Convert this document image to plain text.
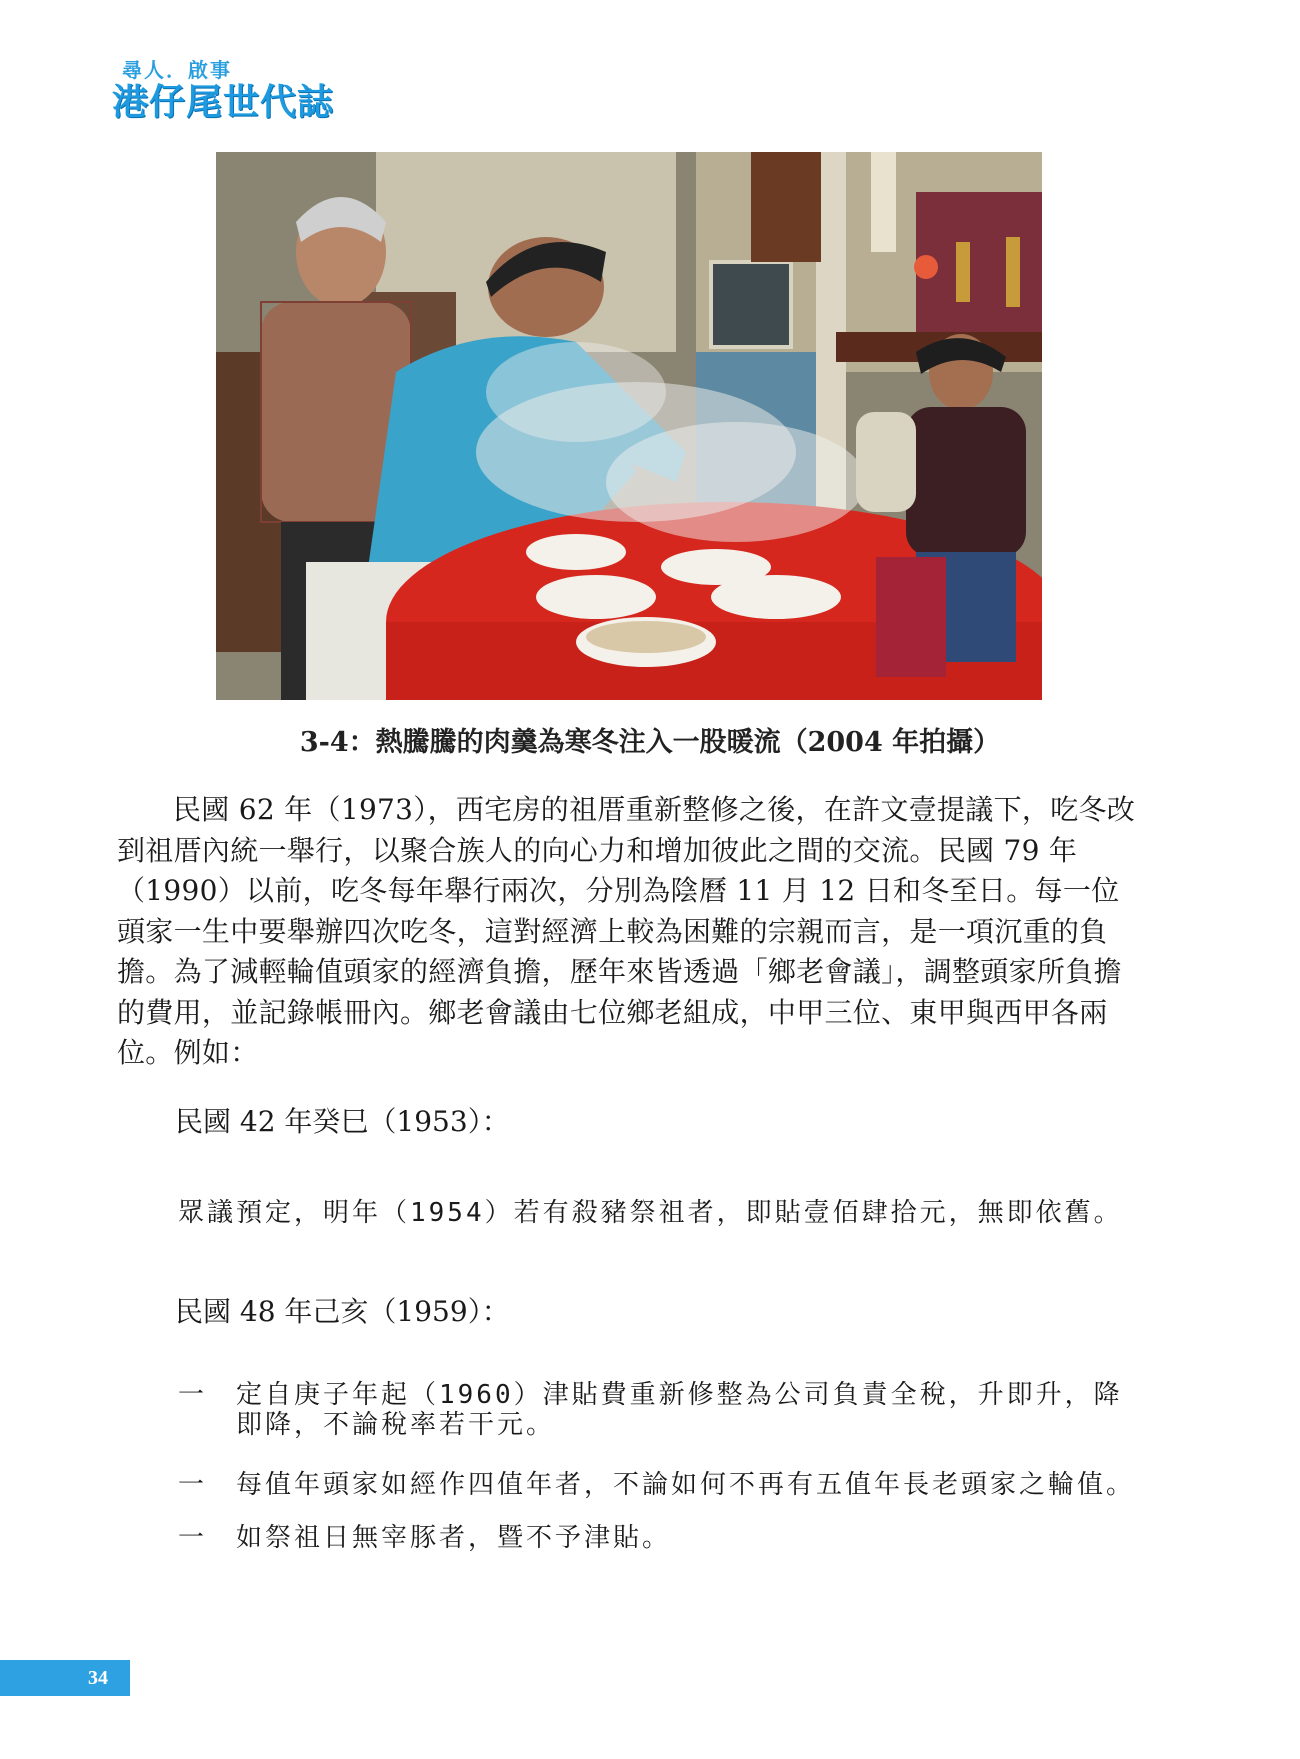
尋人．啟事
港仔尾世代誌
3-4：熱騰騰的肉羹為寒冬注入一股暖流（2004 年拍攝）

民國 62 年（1973），西宅房的祖厝重新整修之後，在許文壹提議下，吃冬改到祖厝內統一舉行，以聚合族人的向心力和增加彼此之間的交流。民國 79 年（1990）以前，吃冬每年舉行兩次，分別為陰曆 11 月 12 日和冬至日。每一位頭家一生中要舉辦四次吃冬，這對經濟上較為困難的宗親而言，是一項沉重的負擔。為了減輕輪值頭家的經濟負擔，歷年來皆透過「鄉老會議」，調整頭家所負擔的費用，並記錄帳冊內。鄉老會議由七位鄉老組成，中甲三位、東甲與西甲各兩位。例如：

民國 42 年癸巳（1953）：
眾議預定，明年（1954）若有殺豬祭祖者，即貼壹佰肆拾元，無即依舊。
民國 48 年己亥（1959）：
一 定自庚子年起（1960）津貼費重新修整為公司負責全稅，升即升，降即降，不論稅率若干元。
一 每值年頭家如經作四值年者，不論如何不再有五值年長老頭家之輪值。
一 如祭祖日無宰豚者，暨不予津貼。
34
